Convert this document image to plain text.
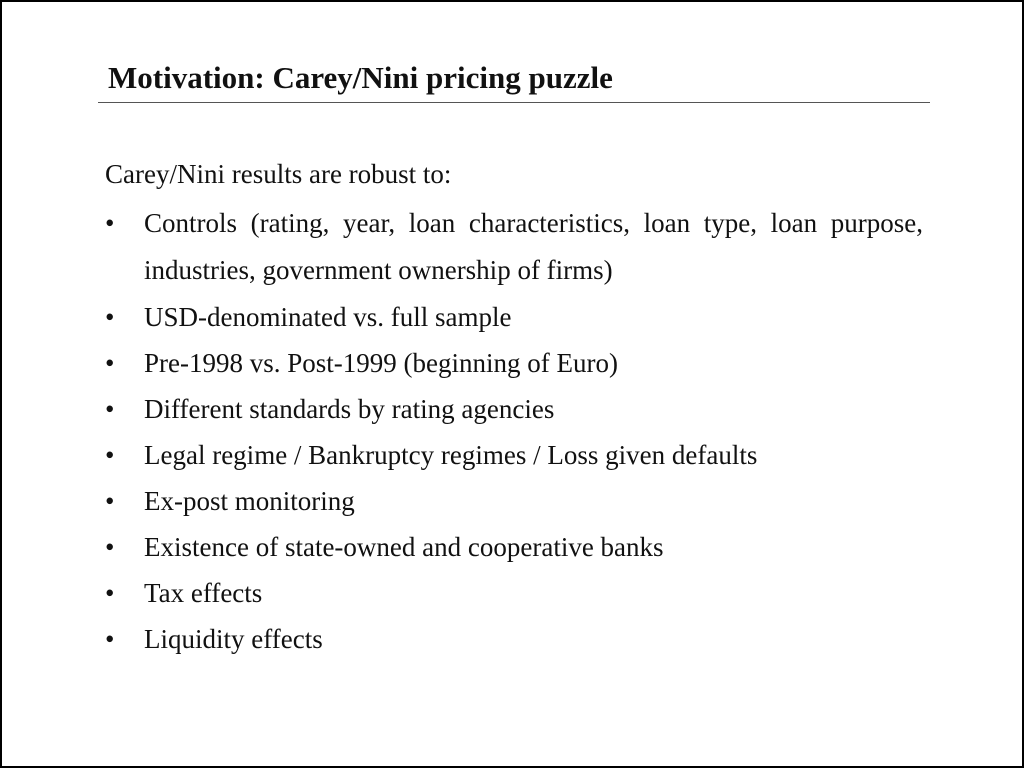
Motivation: Carey/Nini pricing puzzle
Carey/Nini results are robust to:
• Controls (rating, year, loan characteristics, loan type, loan purpose, industries, government ownership of firms)
• USD-denominated vs. full sample
• Pre-1998 vs. Post-1999 (beginning of Euro)
• Different standards by rating agencies
• Legal regime / Bankruptcy regimes / Loss given defaults
• Ex-post monitoring
• Existence of state-owned and cooperative banks
• Tax effects
• Liquidity effects
